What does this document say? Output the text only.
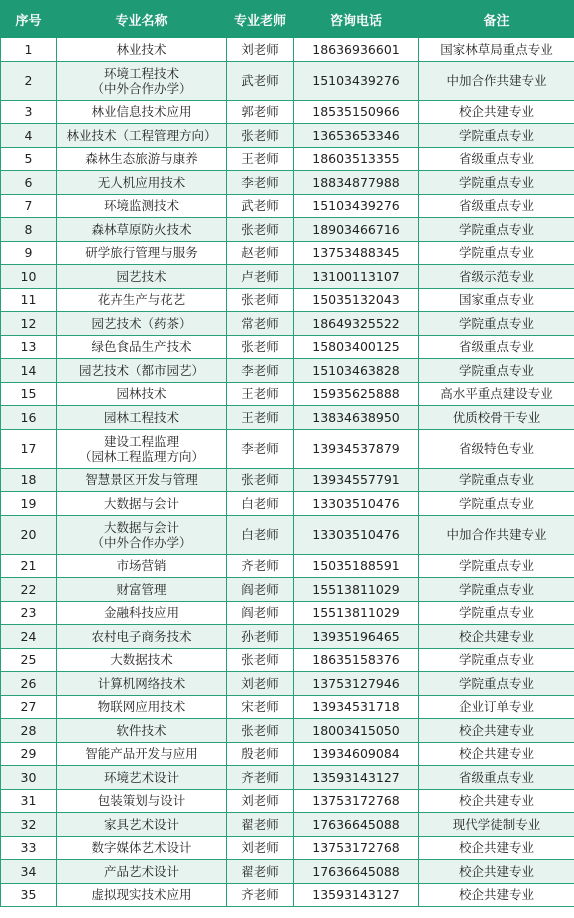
序号	专业名称	专业老师	咨询电话	备注
1	林业技术	刘老师	18636936601	国家林草局重点专业
2	环境工程技术
（中外合作办学）	武老师	15103439276	中加合作共建专业
3	林业信息技术应用	郭老师	18535150966	校企共建专业
4	林业技术（工程管理方向）	张老师	13653653346	学院重点专业
5	森林生态旅游与康养	王老师	18603513355	省级重点专业
6	无人机应用技术	李老师	18834877988	学院重点专业
7	环境监测技术	武老师	15103439276	省级重点专业
8	森林草原防火技术	张老师	18903466716	学院重点专业
9	研学旅行管理与服务	赵老师	13753488345	学院重点专业
10	园艺技术	卢老师	13100113107	省级示范专业
11	花卉生产与花艺	张老师	15035132043	国家重点专业
12	园艺技术（药茶）	常老师	18649325522	学院重点专业
13	绿色食品生产技术	张老师	15803400125	省级重点专业
14	园艺技术（都市园艺）	李老师	15103463828	学院重点专业
15	园林技术	王老师	15935625888	高水平重点建设专业
16	园林工程技术	王老师	13834638950	优质校骨干专业
17	建设工程监理
（园林工程监理方向）	李老师	13934537879	省级特色专业
18	智慧景区开发与管理	张老师	13934557791	学院重点专业
19	大数据与会计	白老师	13303510476	学院重点专业
20	大数据与会计
（中外合作办学）	白老师	13303510476	中加合作共建专业
21	市场营销	齐老师	15035188591	学院重点专业
22	财富管理	阎老师	15513811029	学院重点专业
23	金融科技应用	阎老师	15513811029	学院重点专业
24	农村电子商务技术	孙老师	13935196465	校企共建专业
25	大数据技术	张老师	18635158376	学院重点专业
26	计算机网络技术	刘老师	13753127946	学院重点专业
27	物联网应用技术	宋老师	13934531718	企业订单专业
28	软件技术	张老师	18003415050	校企共建专业
29	智能产品开发与应用	殷老师	13934609084	校企共建专业
30	环境艺术设计	齐老师	13593143127	省级重点专业
31	包装策划与设计	刘老师	13753172768	校企共建专业
32	家具艺术设计	翟老师	17636645088	现代学徒制专业
33	数字媒体艺术设计	刘老师	13753172768	校企共建专业
34	产品艺术设计	翟老师	17636645088	校企共建专业
35	虚拟现实技术应用	齐老师	13593143127	校企共建专业
